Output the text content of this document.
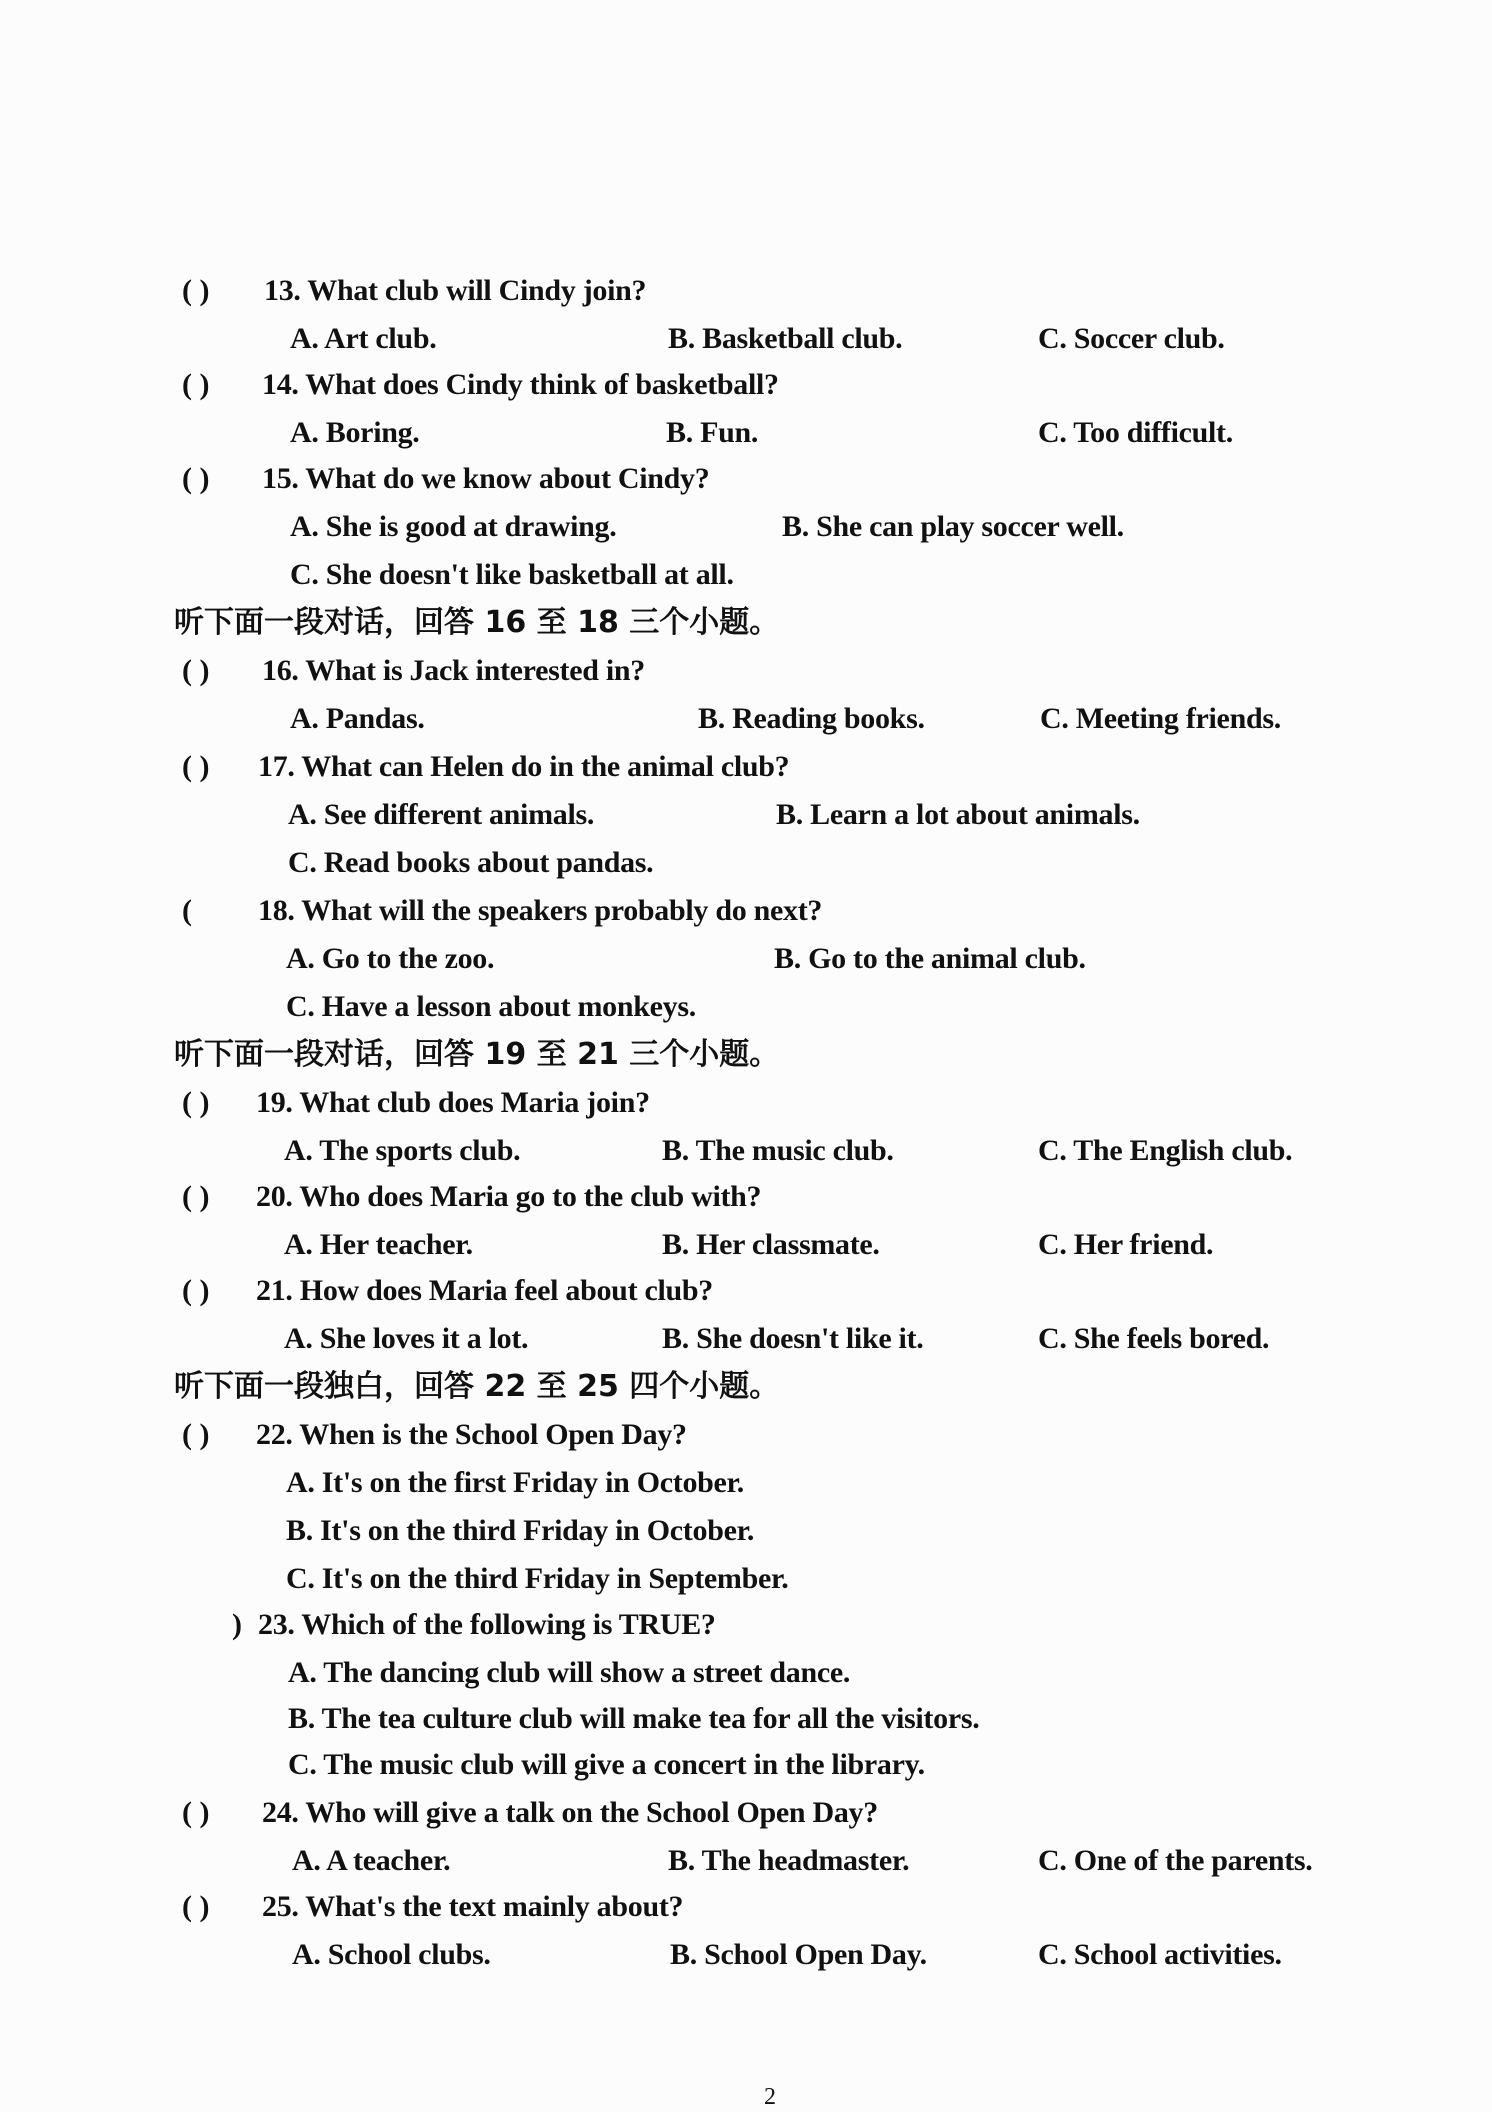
( ) 13. What club will Cindy join?
A. Art club.	B. Basketball club.	C. Soccer club.
( ) 14. What does Cindy think of basketball?
A. Boring.	B. Fun.	C. Too difficult.
( ) 15. What do we know about Cindy?
A. She is good at drawing.	B. She can play soccer well.
C. She doesn't like basketball at all.
听下面一段对话，回答 16 至 18 三个小题。
( ) 16. What is Jack interested in?
A. Pandas.	B. Reading books.	C. Meeting friends.
( ) 17. What can Helen do in the animal club?
A. See different animals.	B. Learn a lot about animals.
C. Read books about pandas.
( 18. What will the speakers probably do next?
A. Go to the zoo.	B. Go to the animal club.
C. Have a lesson about monkeys.
听下面一段对话，回答 19 至 21 三个小题。
( ) 19. What club does Maria join?
A. The sports club.	B. The music club.	C. The English club.
( ) 20. Who does Maria go to the club with?
A. Her teacher.	B. Her classmate.	C. Her friend.
( ) 21. How does Maria feel about club?
A. She loves it a lot.	B. She doesn't like it.	C. She feels bored.
听下面一段独白，回答 22 至 25 四个小题。
( ) 22. When is the School Open Day?
A. It's on the first Friday in October.
B. It's on the third Friday in October.
C. It's on the third Friday in September.
) 23. Which of the following is TRUE?
A. The dancing club will show a street dance.
B. The tea culture club will make tea for all the visitors.
C. The music club will give a concert in the library.
( ) 24. Who will give a talk on the School Open Day?
A. A teacher.	B. The headmaster.	C. One of the parents.
( ) 25. What's the text mainly about?
A. School clubs.	B. School Open Day.	C. School activities.
2
